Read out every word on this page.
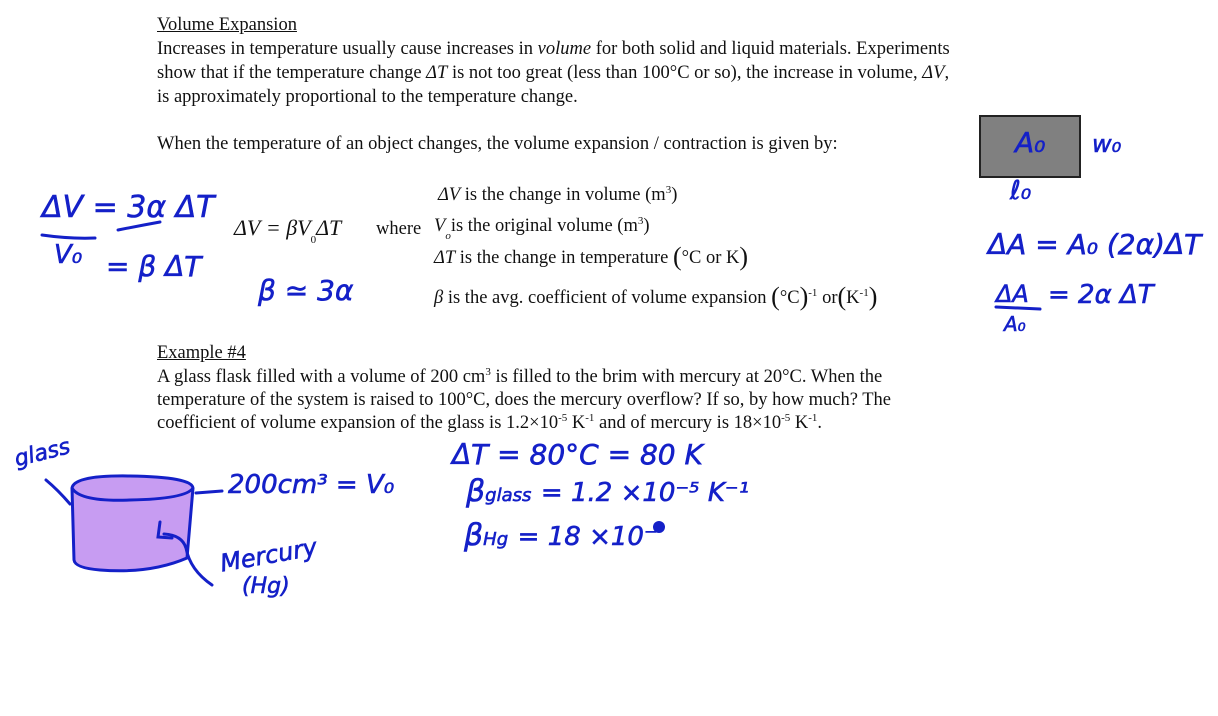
Volume Expansion
Increases in temperature usually cause increases in volume for both solid and liquid materials. Experiments
show that if the temperature change ΔT is not too great (less than 100°C or so), the increase in volume, ΔV,
is approximately proportional to the temperature change.
When the temperature of an object changes, the volume expansion / contraction is given by:
$\Delta V = \beta V_0\Delta T$ where
ΔV is the change in volume $(m^3)$
$V_ois$ the original volume $(m^3)$
ΔT is the change in temperature (°C or K)
β is the avg. coefficient of volume expansion $(^\circ C)^{-1}$ $or(K^{-1})$
Example #4
A glass flask filled with a volume of 200 $cm^3$ is filled to the brim with mercury at 20°C. When the
temperature of the system is raised to 100°C, does the mercury overflow? If so, by how much? The
coefficient of volume expansion of the glass is $1.2\times 10^{-5}$ $K^{-1}$ and of mercury is $18\times 10^{-5}$ $K^{-1}$.
ΔV = 3α ΔT
V₀ = β ΔT
β ≃ 3α
A₀ w₀
ℓ₀
ΔA = A₀ (2α)ΔT
ΔA
A₀
= 2α ΔT
glass
200cm³ = V₀
Mercury
(Hg)
ΔT = 80°C = 80 K
βglass = 1.2 ×10⁻⁵ K⁻¹
βHg = 18 ×10⁻
